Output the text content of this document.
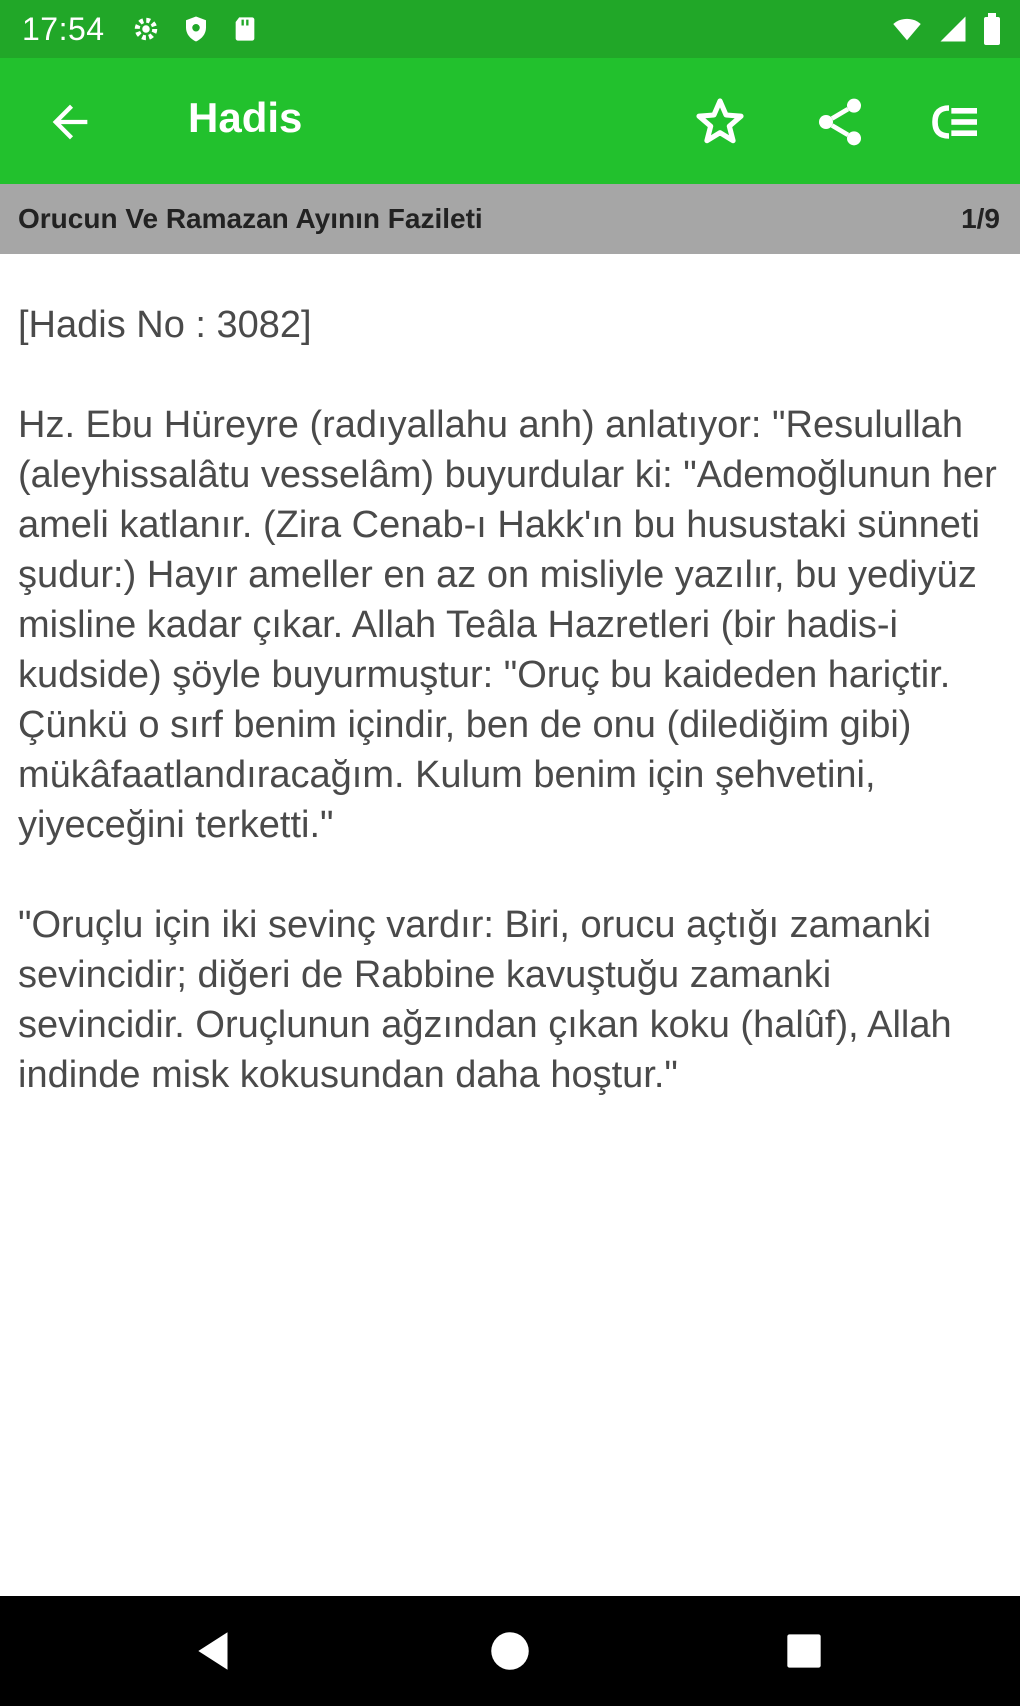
17:54
Hadis
Orucun Ve Ramazan Ayının Fazileti	1/9

[Hadis No : 3082]

Hz. Ebu Hüreyre (radıyallahu anh) anlatıyor: "Resulullah (aleyhissalâtu vesselâm) buyurdular ki: "Ademoğlunun her ameli katlanır. (Zira Cenab-ı Hakk'ın bu husustaki sünneti şudur:) Hayır ameller en az on misliyle yazılır, bu yediyüz misline kadar çıkar. Allah Teâla Hazretleri (bir hadis-i kudside) şöyle buyurmuştur: "Oruç bu kaideden hariçtir. Çünkü o sırf benim içindir, ben de onu (dilediğim gibi) mükâfaatlandıracağım. Kulum benim için şehvetini, yiyeceğini terketti."

"Oruçlu için iki sevinç vardır: Biri, orucu açtığı zamanki sevincidir; diğeri de Rabbine kavuştuğu zamanki sevincidir. Oruçlunun ağzından çıkan koku (halûf), Allah indinde misk kokusundan daha hoştur."
